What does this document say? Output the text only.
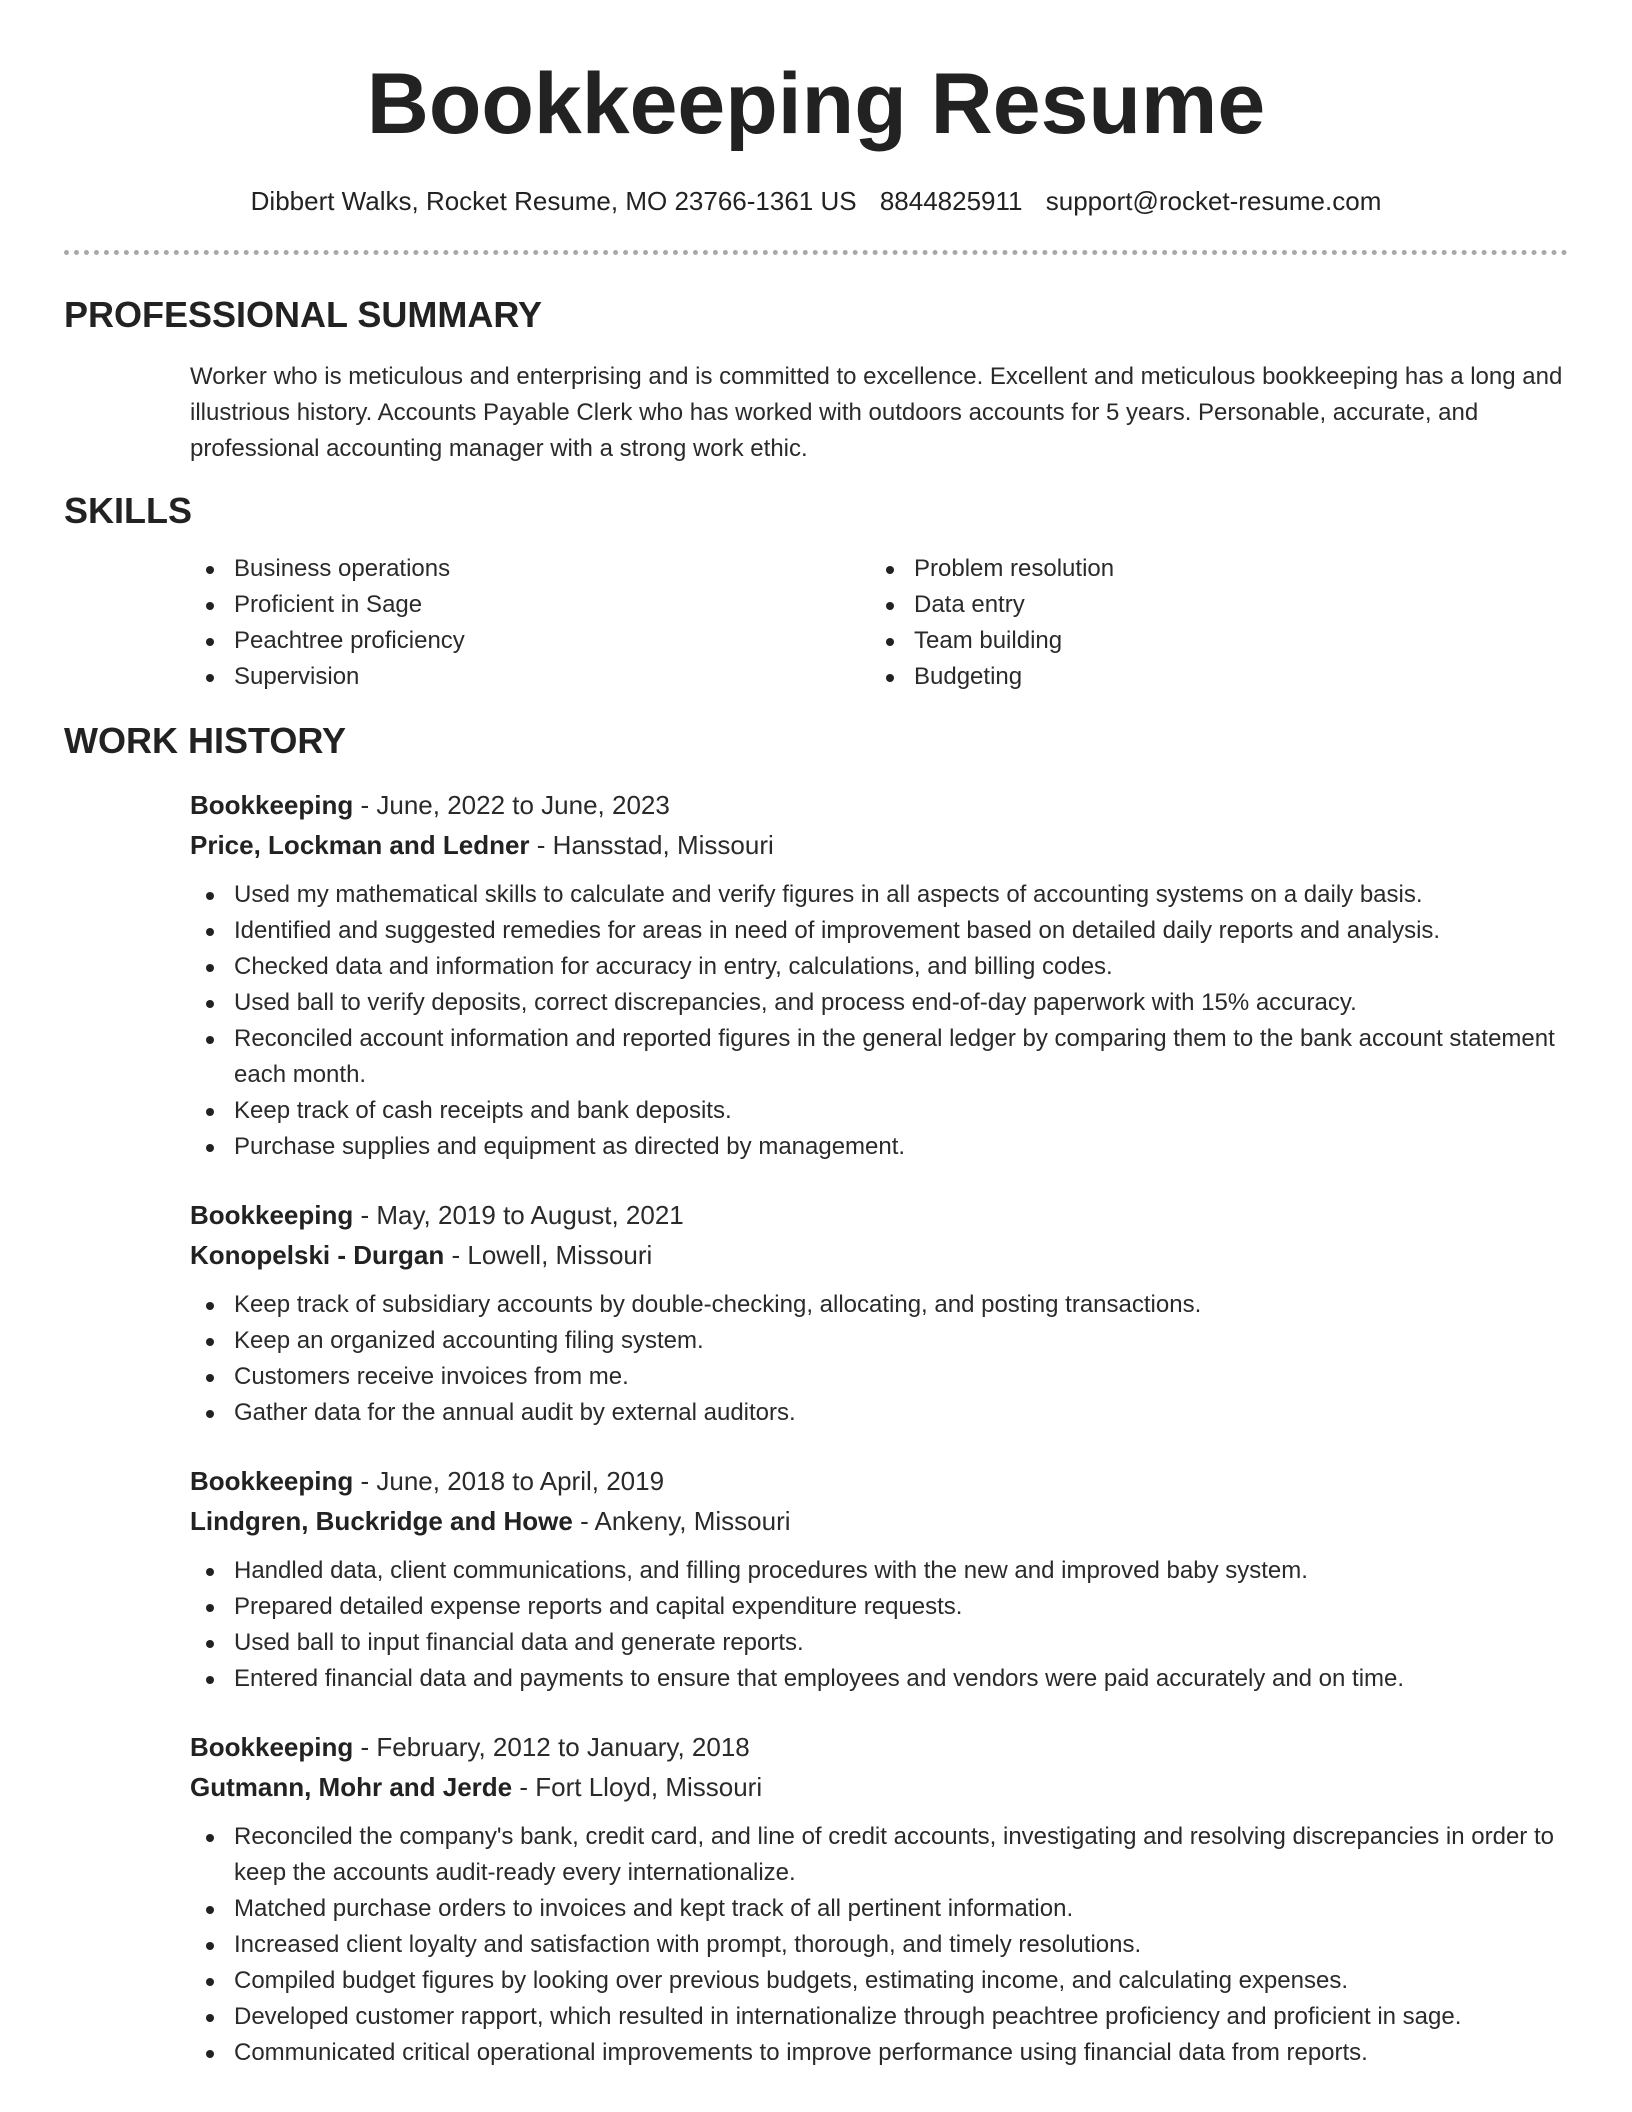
Bookkeeping Resume
Dibbert Walks, Rocket Resume, MO 23766-1361 US 8844825911 support@rocket-resume.com
PROFESSIONAL SUMMARY
Worker who is meticulous and enterprising and is committed to excellence. Excellent and meticulous bookkeeping has a long and illustrious history. Accounts Payable Clerk who has worked with outdoors accounts for 5 years. Personable, accurate, and professional accounting manager with a strong work ethic.
SKILLS
Business operations
Proficient in Sage
Peachtree proficiency
Supervision
Problem resolution
Data entry
Team building
Budgeting
WORK HISTORY
Bookkeeping - June, 2022 to June, 2023
Price, Lockman and Ledner - Hansstad, Missouri
Used my mathematical skills to calculate and verify figures in all aspects of accounting systems on a daily basis.
Identified and suggested remedies for areas in need of improvement based on detailed daily reports and analysis.
Checked data and information for accuracy in entry, calculations, and billing codes.
Used ball to verify deposits, correct discrepancies, and process end-of-day paperwork with 15% accuracy.
Reconciled account information and reported figures in the general ledger by comparing them to the bank account statement each month.
Keep track of cash receipts and bank deposits.
Purchase supplies and equipment as directed by management.
Bookkeeping - May, 2019 to August, 2021
Konopelski - Durgan - Lowell, Missouri
Keep track of subsidiary accounts by double-checking, allocating, and posting transactions.
Keep an organized accounting filing system.
Customers receive invoices from me.
Gather data for the annual audit by external auditors.
Bookkeeping - June, 2018 to April, 2019
Lindgren, Buckridge and Howe - Ankeny, Missouri
Handled data, client communications, and filling procedures with the new and improved baby system.
Prepared detailed expense reports and capital expenditure requests.
Used ball to input financial data and generate reports.
Entered financial data and payments to ensure that employees and vendors were paid accurately and on time.
Bookkeeping - February, 2012 to January, 2018
Gutmann, Mohr and Jerde - Fort Lloyd, Missouri
Reconciled the company's bank, credit card, and line of credit accounts, investigating and resolving discrepancies in order to keep the accounts audit-ready every internationalize.
Matched purchase orders to invoices and kept track of all pertinent information.
Increased client loyalty and satisfaction with prompt, thorough, and timely resolutions.
Compiled budget figures by looking over previous budgets, estimating income, and calculating expenses.
Developed customer rapport, which resulted in internationalize through peachtree proficiency and proficient in sage.
Communicated critical operational improvements to improve performance using financial data from reports.
